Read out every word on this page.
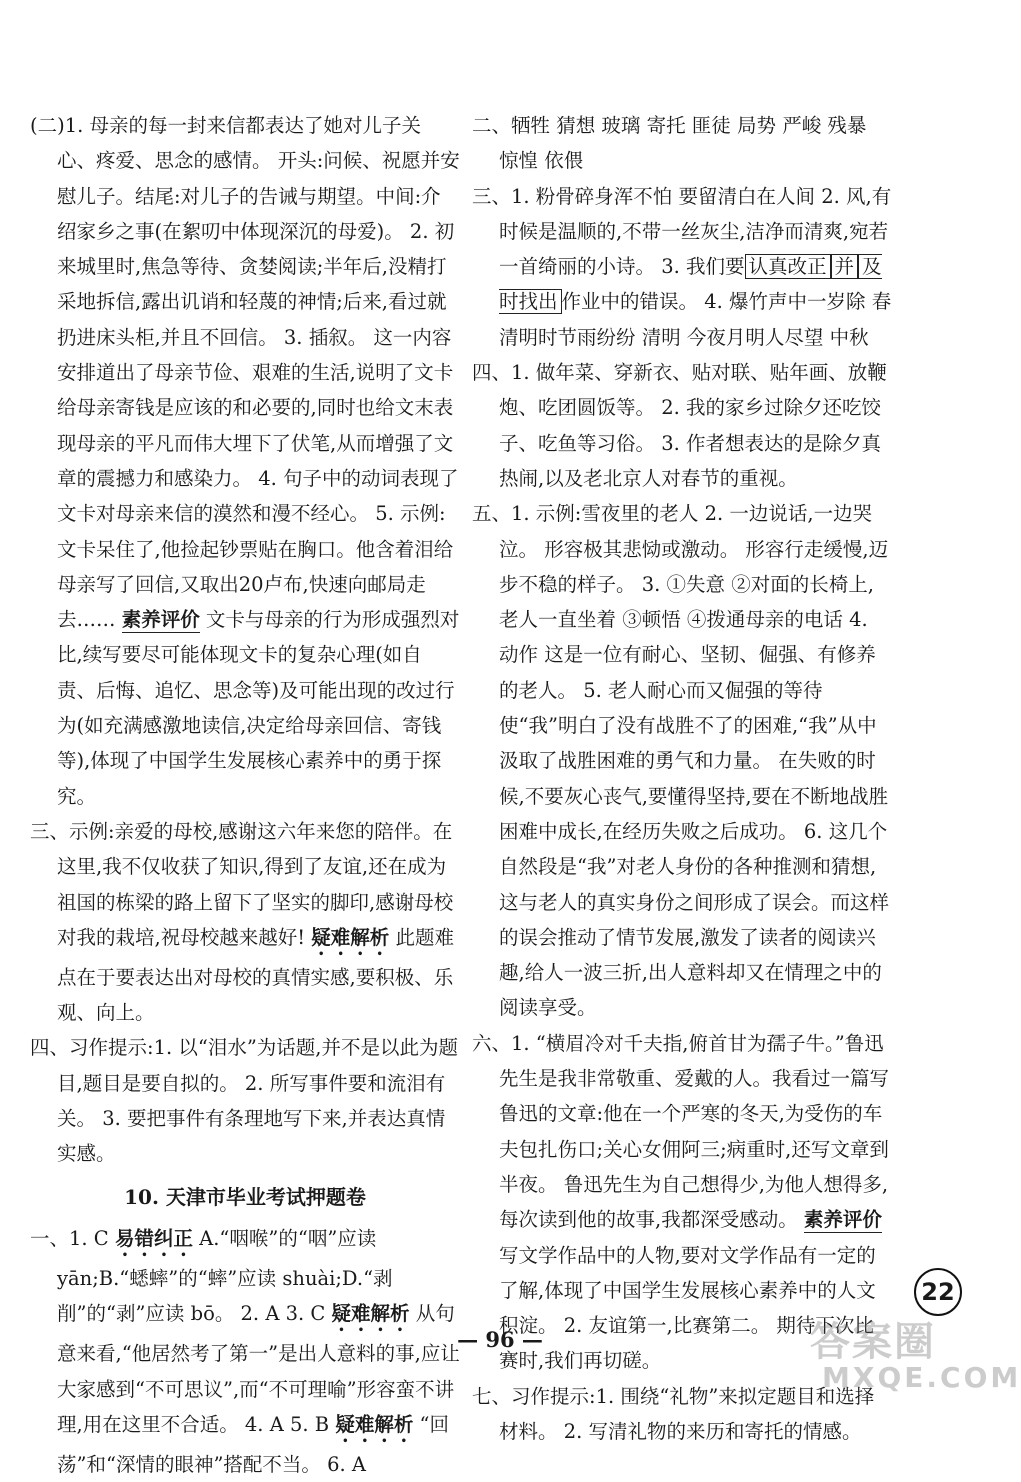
(二)1. 母亲的每一封来信都表达了她对儿子关心、疼爱、思念的感情。 开头:问候、祝愿并安慰儿子。结尾:对儿子的告诫与期望。中间:介绍家乡之事(在絮叨中体现深沉的母爱)。 2. 初来城里时,焦急等待、贪婪阅读;半年后,没精打采地拆信,露出讥诮和轻蔑的神情;后来,看过就扔进床头柜,并且不回信。 3. 插叙。 这一内容安排道出了母亲节俭、艰难的生活,说明了文卡给母亲寄钱是应该的和必要的,同时也给文末表现母亲的平凡而伟大埋下了伏笔,从而增强了文章的震撼力和感染力。 4. 句子中的动词表现了文卡对母亲来信的漠然和漫不经心。 5. 示例:文卡呆住了,他捡起钞票贴在胸口。他含着泪给母亲写了回信,又取出20卢布,快速向邮局走去…… 素养评价 文卡与母亲的行为形成强烈对比,续写要尽可能体现文卡的复杂心理(如自责、后悔、追忆、思念等)及可能出现的改过行为(如充满感激地读信,决定给母亲回信、寄钱等),体现了中国学生发展核心素养中的勇于探究。

三、示例:亲爱的母校,感谢这六年来您的陪伴。在这里,我不仅收获了知识,得到了友谊,还在成为祖国的栋梁的路上留下了坚实的脚印,感谢母校对我的栽培,祝母校越来越好! 疑难解析 此题难点在于要表达出对母校的真情实感,要积极、乐观、向上。

四、习作提示:1. 以“泪水”为话题,并不是以此为题目,题目是要自拟的。 2. 所写事件要和流泪有关。 3. 要把事件有条理地写下来,并表达真情实感。

10. 天津市毕业考试押题卷

一、1. C 易错纠正 A.“咽喉”的“咽”应读 yān;B.“蟋蟀”的“蟀”应读 shuài;D.“剥削”的“剥”应读 bō。 2. A 3. C 疑难解析 从句意来看,“他居然考了第一”是出人意料的事,应让大家感到“不可思议”,而“不可理喻”形容蛮不讲理,用在这里不合适。 4. A 5. B 疑难解析 “回荡”和“深情的眼神”搭配不当。 6. A

二、牺牲 猜想 玻璃 寄托 匪徒 局势 严峻 残暴 惊惶 依偎

三、1. 粉骨碎身浑不怕 要留清白在人间 2. 风,有时候是温顺的,不带一丝灰尘,洁净而清爽,宛若一首绮丽的小诗。 3. 我们要 认真改正 并 及时找出 作业中的错误。 4. 爆竹声中一岁除 春 清明时节雨纷纷 清明 今夜月明人尽望 中秋

四、1. 做年菜、穿新衣、贴对联、贴年画、放鞭炮、吃团圆饭等。 2. 我的家乡过除夕还吃饺子、吃鱼等习俗。 3. 作者想表达的是除夕真热闹,以及老北京人对春节的重视。

五、1. 示例:雪夜里的老人 2. 一边说话,一边哭泣。 形容极其悲恸或激动。 形容行走缓慢,迈步不稳的样子。 3. ①失意 ②对面的长椅上,老人一直坐着 ③顿悟 ④拨通母亲的电话 4. 动作 这是一位有耐心、坚韧、倔强、有修养的老人。 5. 老人耐心而又倔强的等待使“我”明白了没有战胜不了的困难,“我”从中汲取了战胜困难的勇气和力量。 在失败的时候,不要灰心丧气,要懂得坚持,要在不断地战胜困难中成长,在经历失败之后成功。 6. 这几个自然段是“我”对老人身份的各种推测和猜想,这与老人的真实身份之间形成了误会。而这样的误会推动了情节发展,激发了读者的阅读兴趣,给人一波三折,出人意料却又在情理之中的阅读享受。

六、1. “横眉冷对千夫指,俯首甘为孺子牛。”鲁迅先生是我非常敬重、爱戴的人。我看过一篇写鲁迅的文章:他在一个严寒的冬天,为受伤的车夫包扎伤口;关心女佣阿三;病重时,还写文章到半夜。 鲁迅先生为自己想得少,为他人想得多,每次读到他的故事,我都深受感动。 素养评价 写文学作品中的人物,要对文学作品有一定的了解,体现了中国学生发展核心素养中的人文积淀。 2. 友谊第一,比赛第二。 期待下次比赛时,我们再切磋。

七、习作提示:1. 围绕“礼物”来拟定题目和选择材料。 2. 写清礼物的来历和寄托的情感。

22
— 96 —	答案圈
MXQE.COM
